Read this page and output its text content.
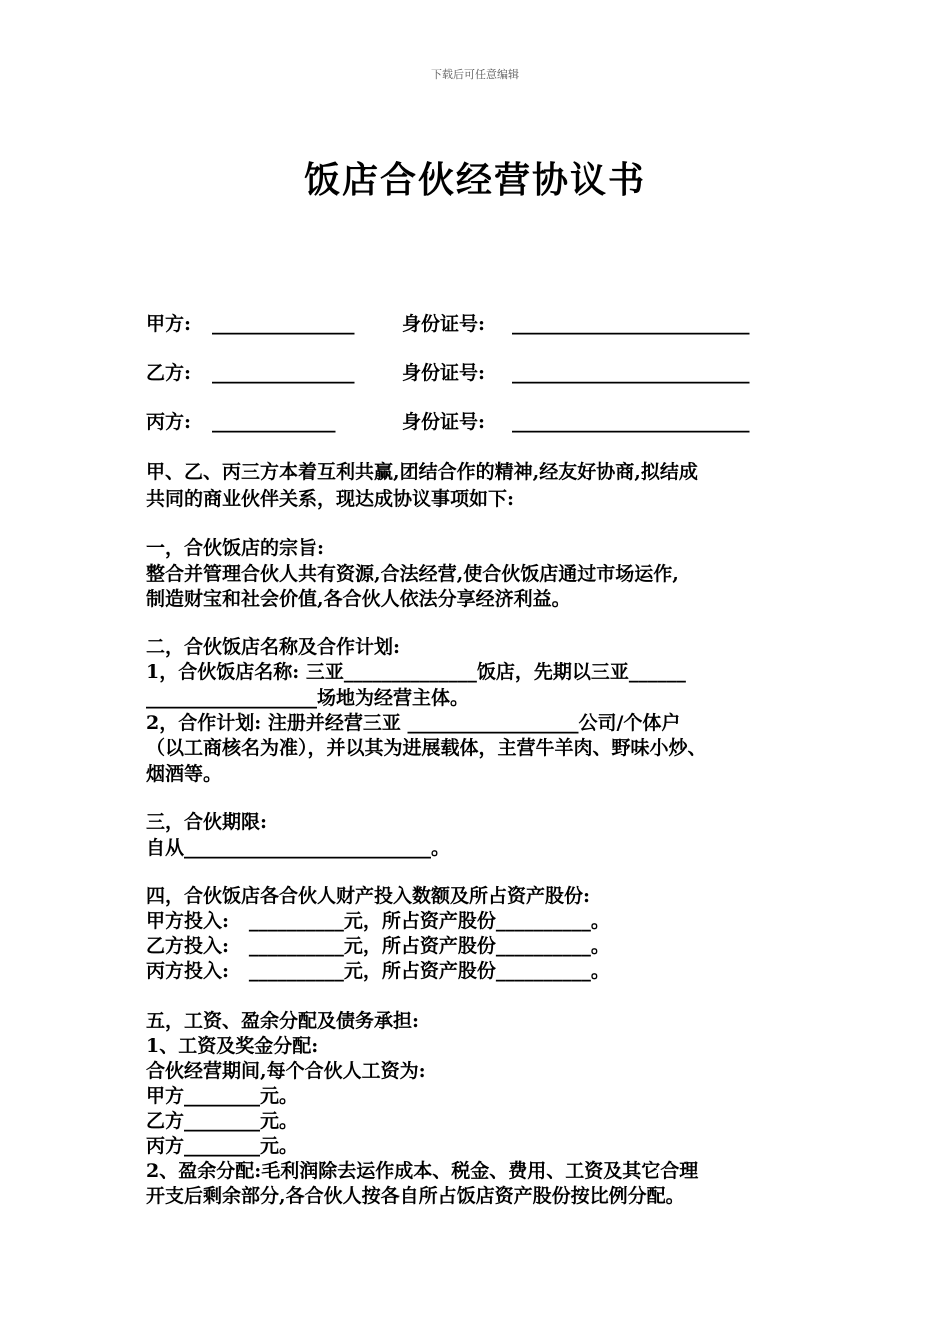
下载后可任意编辑
饭店合伙经营协议书
甲方: _______________	身份证号: _________________________
乙方: _______________	身份证号: _________________________
丙方: _____________	身份证号: _________________________
甲、乙、丙三方本着互利共赢,团结合作的精神,经友好协商,拟结成
共同的商业伙伴关系，现达成协议事项如下:
一，合伙饭店的宗旨:
整合并管理合伙人共有资源,合法经营,使合伙饭店通过市场运作,
制造财宝和社会价值,各合伙人依法分享经济利益。
二，合伙饭店名称及合作计划:
1，合伙饭店名称: 三亚______________饭店，先期以三亚______
__________________场地为经营主体。
2，合作计划: 注册并经营三亚 __________________公司/个体户
（以工商核名为准），并以其为进展载体，主营牛羊肉、野味小炒、
烟酒等。
三，合伙期限:
自从__________________________。
四，合伙饭店各合伙人财产投入数额及所占资产股份:
甲方投入:   __________元，所占资产股份__________。
乙方投入:   __________元，所占资产股份__________。
丙方投入:   __________元，所占资产股份__________。
五，工资、盈余分配及债务承担:
1、工资及奖金分配:
合伙经营期间,每个合伙人工资为:
甲方________元。
乙方________元。
丙方________元。
2、盈余分配:毛利润除去运作成本、税金、费用、工资及其它合理
开支后剩余部分,各合伙人按各自所占饭店资产股份按比例分配。
